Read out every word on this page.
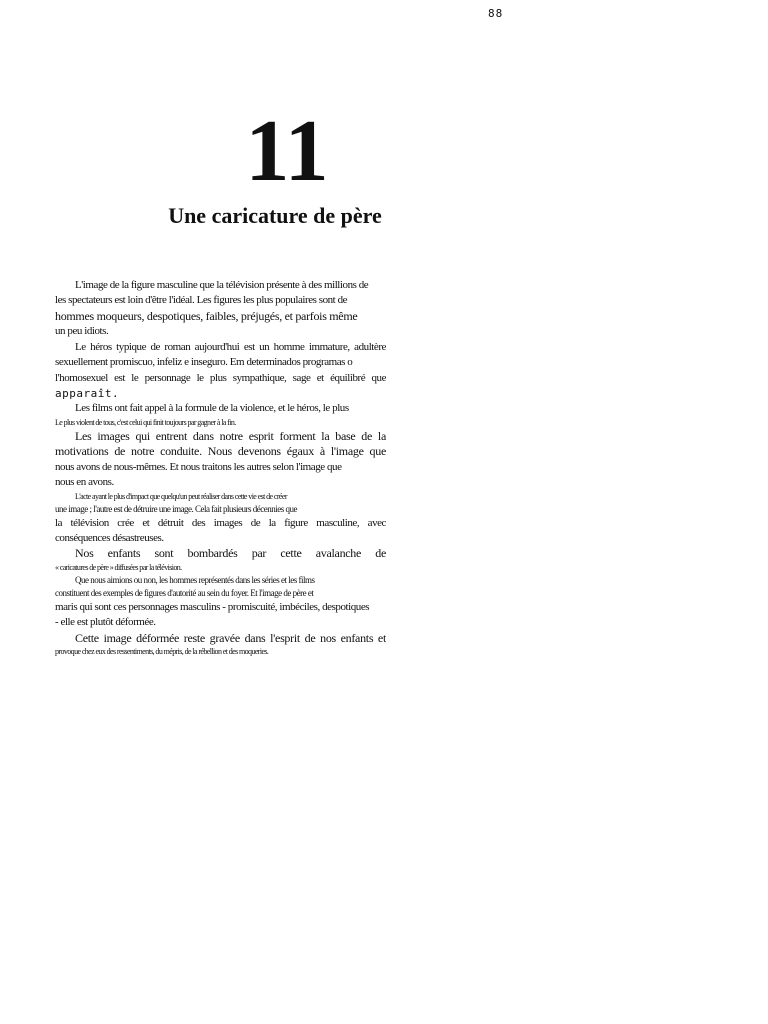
88
11
Une caricature de père
L'image de la figure masculine que la télévision présente à des millions de
les spectateurs est loin d'être l'idéal. Les figures les plus populaires sont de
hommes moqueurs, despotiques, faibles, préjugés, et parfois même
un peu idiots.
Le héros typique de roman aujourd'hui est un homme immature, adultère
sexuellement promiscuo, infeliz e inseguro. Em determinados programas o
l'homosexuel est le personnage le plus sympathique, sage et équilibré que
apparaît.
Les films ont fait appel à la formule de la violence, et le héros, le plus
Le plus violent de tous, c'est celui qui finit toujours par gagner à la fin.
Les images qui entrent dans notre esprit forment la base de la
motivations de notre conduite. Nous devenons égaux à l'image que
nous avons de nous-mêmes. Et nous traitons les autres selon l'image que
nous en avons.
L'acte ayant le plus d'impact que quelqu'un peut réaliser dans cette vie est de créer
une image ; l'autre est de détruire une image. Cela fait plusieurs décennies que
la télévision crée et détruit des images de la figure masculine, avec
conséquences désastreuses.
Nos enfants sont bombardés par cette avalanche de
« caricatures de père » diffusées par la télévision.
Que nous aimions ou non, les hommes représentés dans les séries et les films
constituent des exemples de figures d'autorité au sein du foyer. Et l'image de père et
maris qui sont ces personnages masculins - promiscuité, imbéciles, despotiques
- elle est plutôt déformée.
Cette image déformée reste gravée dans l'esprit de nos enfants et
provoque chez eux des ressentiments, du mépris, de la rébellion et des moqueries.
